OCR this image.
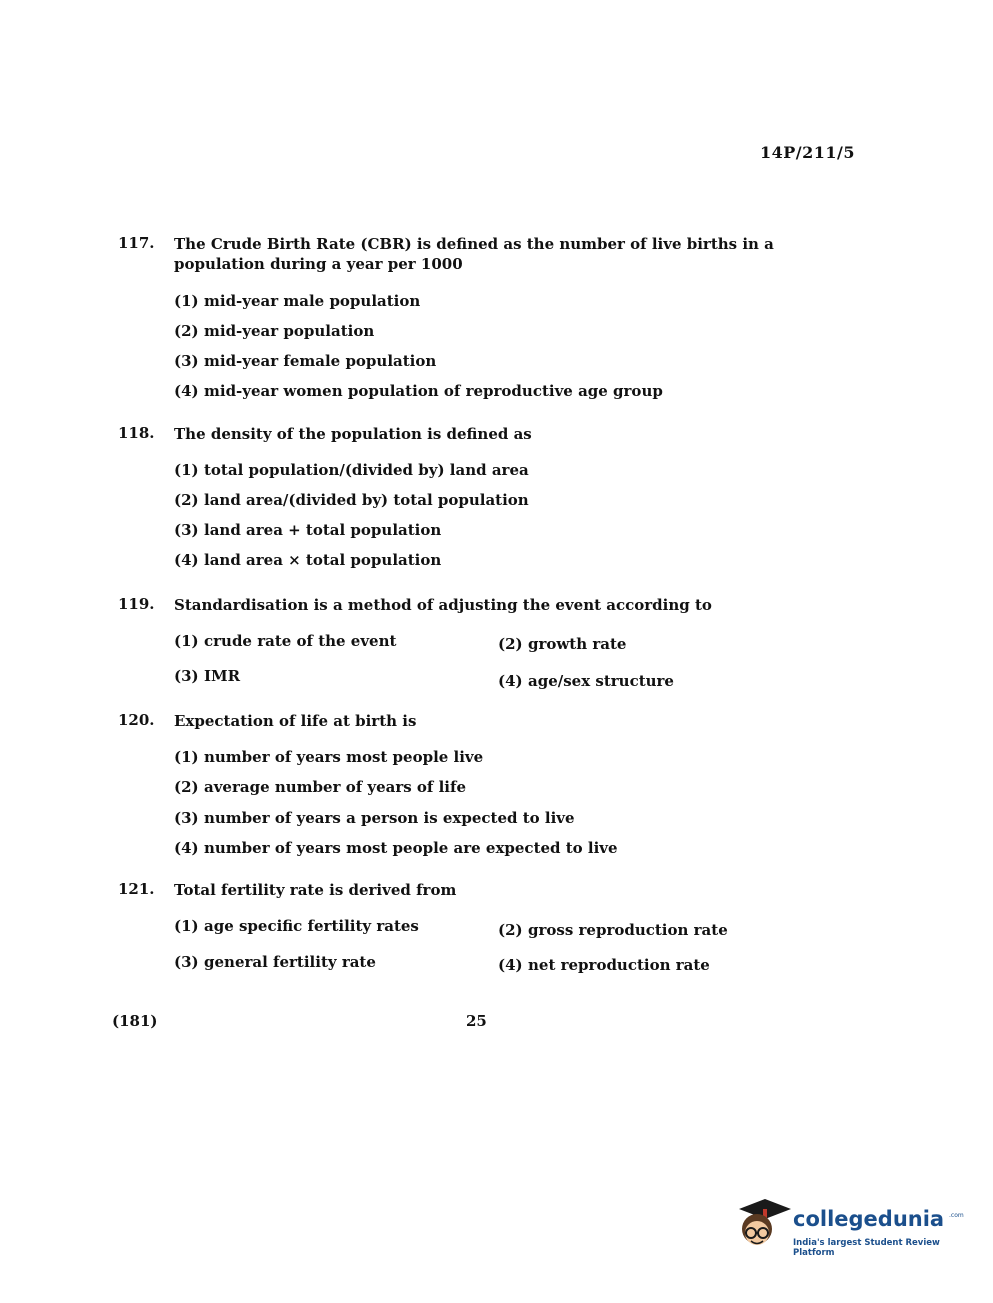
14P/211/5
117.	The Crude Birth Rate (CBR) is defined as the number of live births in a population during a year per 1000
(1) mid-year male population
(2) mid-year population
(3) mid-year female population
(4) mid-year women population of reproductive age group
118.	The density of the population is defined as
(1) total population/(divided by) land area
(2) land area/(divided by) total population
(3) land area + total population
(4) land area × total population
119.	Standardisation is a method of adjusting the event according to
(1) crude rate of the event	(2) growth rate
(3) IMR	(4) age/sex structure
120.	Expectation of life at birth is
(1) number of years most people live
(2) average number of years of life
(3) number of years a person is expected to live
(4) number of years most people are expected to live
121.	Total fertility rate is derived from
(1) age specific fertility rates	(2) gross reproduction rate
(3) general fertility rate	(4) net reproduction rate
(181)	25
collegedunia .com
India's largest Student Review Platform
